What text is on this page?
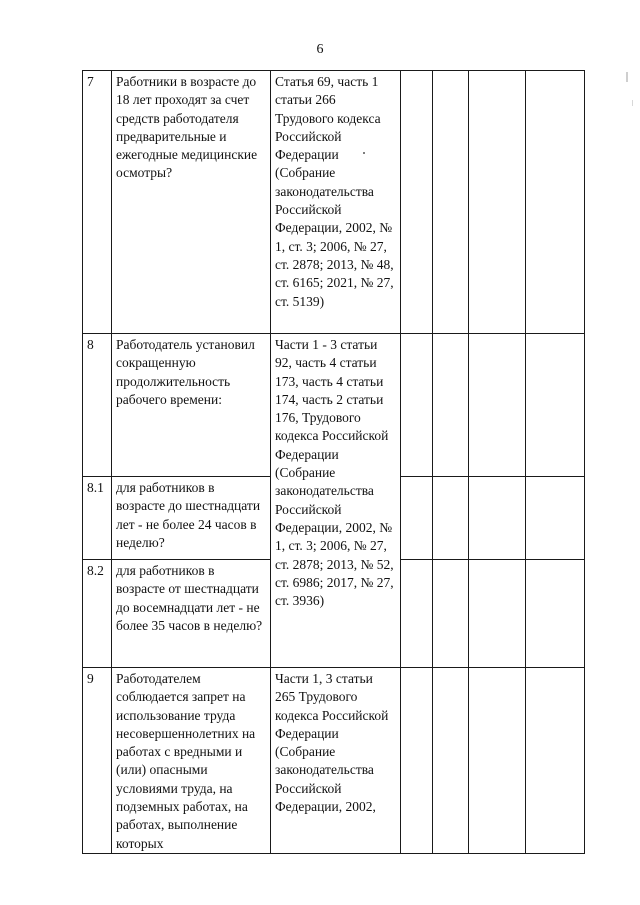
6
7	Работники в возрасте до 18 лет проходят за счет средств работодателя предварительные и ежегодные медицинские осмотры?	Статья 69, часть 1 статьи 266 Трудового кодекса Российской Федерации (Собрание законодательства Российской Федерации, 2002, № 1, ст. 3; 2006, № 27, ст. 2878; 2013, № 48, ст. 6165; 2021, № 27, ст. 5139)				
8	Работодатель установил сокращенную продолжительность рабочего времени:	Части 1 - 3 статьи 92, часть 4 статьи 173, часть 4 статьи 174, часть 2 статьи 176, Трудового кодекса Российской Федерации (Собрание законодательства Российской Федерации, 2002, № 1, ст. 3; 2006, № 27, ст. 2878; 2013, № 52, ст. 6986; 2017, № 27, ст. 3936)				

8.1	для работников в возрасте до шестнадцати лет - не более 24 часов в неделю?					
8.2	для работников в возрасте от шестнадцати до восемнадцати лет - не более 35 часов в неделю?					
9	Работодателем соблюдается запрет на использование труда несовершеннолетних на работах с вредными и (или) опасными условиями труда, на подземных работах, на работах, выполнение которых	Части 1, 3 статьи 265 Трудового кодекса Российской Федерации (Собрание законодательства Российской Федерации, 2002,				
